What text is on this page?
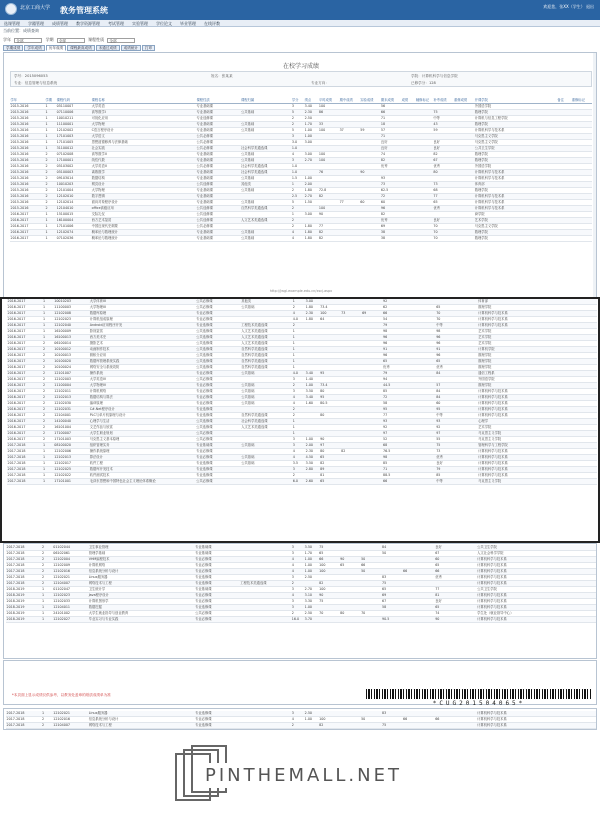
北京工商大学 教务管理系统	欢迎您，张XX（学生） 退出
选课管理 学籍管理 成绩管理 教学资源管理 考试管理 实验管理 学位论文 毕业管理 在线评教
当前位置：成绩查询
学年 全部	学期 全部	课程性质 全部
学期成绩 学年成绩 历年成绩 课程最高成绩 未通过成绩 成绩统计 打印
在校学习成绩
学号：2015096053	姓名：张某某	学院：计算机科学与信息学院
专业：信息管理与信息系统	专业方向：	已修学分：128
学年	学期	课程代码	课程名称	课程性质	课程归属	学分	绩点	平时成绩	期中成绩	实验成绩	期末成绩	成绩	辅修标记	补考成绩	重修成绩	开课学院	备注	重修标记
2015-2016	1	05110007	大学英语	专业基础课		3	3.40	100			56					外国语学院		
2015-2016	1	07110006	高等数学I	专业基础课	公共基础	5	2.30	86			66			75		数理学院		
2015-2016	1	10010211	可视化应用	专业选修课		2	2.50				71			中等		计算机与信息工程学院		
2015-2016	1	11100001	大学物理	专业基础课	公共基础	2	1.70	33			18			43		数理学院		
2015-2016	1	12102002	C语言程序设计	专业基础课	公共基础	5	1.00	100	37	59	57			59		计算机科学与技术系		
2015-2016	1	17101003	大学语文	公共必修课		3	1.00				71					马克思主义学院		
2015-2016	1	17101005	思想道德修养与法律基础	公共必修课		3.0	3.00				良好			良好		马克思主义学院		
2015-2016	1	31100012	社会实践	公共必修课	社会科学类通选课	1.0					良好			良好		公共卫生学院		
2015-2016	2	07102008	高等数学II	专业基础课	公共基础	4	3.00	100			74			82		数理学院		
2015-2016	2	17100001	线性代数	专业基础课	公共基础	3	2.70	100			82			67		数理学院		
2015-2016	2	05103002	大学英语II	公共必修课	社会科学类通选课	1.0					优秀			优秀		外国语学院		
2015-2016	2	05100003	离散数学	专业基础课	社会科学类通选课	1.0		76		90				80		计算机科学与技术系		
2015-2016	2	09103014	数据结构	专业基础课	公共基础	1.5	1.00				93					计算机科学与技术系		
2015-2016	2	10010203	网页设计	公共选修课	其他类	1	2.00				73			73		体育部		
2015-2016	2	12101004	大学物理	专业基础课	公共基础	2	1.80	72.8			62.5			68		数理学院		
2015-2016	2	12102010	数字逻辑	专业基础课		2.5	2.70	82			72			77		计算机科学与技术系		
2015-2016	2	12102014	面向对象程序设计	专业基础课	公共基础	5	1.50		77	60	60			65		计算机科学与技术系		
2015-2016	2	12104010	office高级应用	公共选修课	自然科学类通选课	2		100			96			优秀		计算机科学与技术系		
2016-2017	1	15100015	交际礼仪	公共选修课		1	3.00	90			82					商学院		
2016-2017	1	16100004	西方艺术鉴赏	公共选修课	人文艺术类通选课	2					优秀			良好		艺术学院		
2016-2017	1	17101006	中国近现代史纲要	公共必修课		2	1.80	77			69			70		马克思主义学院		
2016-2017	1	12102074	概率论与数理统计	专业基础课	公共基础	4	1.80	82			38			70		数理学院		
2016-2017	1	07102036	概率论与数理统计	专业基础课	公共基础	4	1.80	82			38			70		数理学院		
http://jwgl.example.edu.cn/xscj.aspx
2016-2017	1	10010203	大学体育III	公共必修课	其他类	1	3.00				92					体育部		
2016-2017	1	11100003	大学物理III	公共必修课	公共基础	2	1.80	73.4			62			65		数理学院		
2016-2017	1	12102008	数据库原理	专业必修课		4	2.30	100	73	69	66			70		计算机科学与技术系		
2016-2017	1	12102023	计算机组成原理	专业必修课		4.0	1.80	64			54			70		计算机科学与技术系		
2016-2017	1	12102040	Android应用程序开发	专业选修课	工程技术类通选课	2					79			中等		计算机科学与技术系		
2016-2017	1	16100009	影视鉴赏	公共选修课	人文艺术类通选课	1					98			98		艺术学院		
2016-2017	1	16100013	西方美术史	公共选修课	人文艺术类通选课	1					96			96		艺术学院		
2016-2017	2	06100014	摄影艺术	公共选修课	人文艺术类通选课	1					96			96		艺术学院		
2016-2017	2	10100012	动画制作技术	公共选修课	自然科学类通选课	1					91			91		计算机学院		
2016-2017	2	10100013	微积分应用	公共选修课	自然科学类通选课	1					96			96		数理学院		
2016-2017	2	10100020	数据库管理系统实践	公共选修课	自然科学类通选课	1					65			65		数理学院		
2016-2017	2	10100024	网络安全与系统攻防	公共选修课	自然科学类通选课	1					优秀			优秀		数理学院		
2016-2017	2	12101007	操作系统	专业必修课	公共基础	4.0	3.40	95			79			84		通信工程系		
2016-2017	2	12102003	大学英语IV	公共必修课		3	1.40				94					外国语学院		
2016-2017	2	11100004	大学物理IV	专业必修课	公共基础	2	1.00	73.4			44.5			57		数理学院		
2016-2017	2	12102011	计算机网络	专业必修课	公共基础	3	3.50	80			85			84		计算机科学与技术系		
2016-2017	2	12102013	数据结构与算法	专业必修课	公共基础	4	3.40	95			72			84		计算机科学与技术系		
2016-2017	2	12102030	编译原理	专业必修课	公共基础	4	1.60	80.5			58			60		计算机科学与技术系		
2016-2017	2	12102031	C#.Net程序设计	专业选修课		2					95			95		计算机科学与技术系		
2016-2017	2	12104001	PLC与单片机原理与设计	专业选修课	自然科学类通选课	2		80			77			中等		计算机科学与技术系		
2016-2017	2	14100040	心理学与生活	公共选修课	社会科学类通选课	1					93			93		心理学		
2016-2017	2	16101004	文艺作品与欣赏	公共选修课	人文艺术类通选课	1					92			92		艺术学院		
2016-2017	2	17100007	大学生职业规划	公共必修课		1					97			97		马克思主义学院		
2016-2017	2	17101003	马克思主义基本原理	公共必修课		3	1.00	90			52			55		马克思主义学院		
2017-2018	1	08100020	组织管理实务	专业基础课	公共基础	3	2.00	97			68			75		管理科学与工程学院		
2017-2018	1	12102006	操作系统原理	专业必修课		4	2.30	80	82		76.5			73		计算机科学与技术系		
2017-2018	1	12102013	算法设计	专业必修课	公共基础	4	4.50	65			98			优秀		计算机科学与技术系		
2017-2018	1	12102017	软件工程	专业选修课	公共基础	3.5	3.50	82			85			良好		计算机科学与技术系		
2017-2018	1	12102025	数据库开发技术	专业选修课		3	2.80	89			71			79		计算机科学与技术系		
2017-2018	1	12102022	软件测试技术	专业选修课		2		81			88.5			85		计算机科学与技术系		
2017-2018	1	17101001	毛泽东思想和中国特色社会主义理论体系概论	公共必修课		6.0	2.60	65			66			中等		马克思主义学院		
2017-2018	2	01102044	卫生事业管理	专业基础课		3	3.50	75			84			良好		公共卫生学院		
2017-2018	2	06102061	管理学基础	专业基础课		3	1.70	65			50			67		人文社会科学学院		
2017-2018	2	12102004	VHM编程技术	专业必修课		4	1.00	66	90	50				60		计算机科学与技术系		
2017-2018	2	12102009	计算机网络	专业必修课		4	1.00	100	65	66				65		计算机科学与技术系		
2017-2018	2	12102016	信息系统分析与设计	专业必修课		4	1.00	100		50		66		66		计算机科学与技术系		
2017-2018	2	12102021	Linux服务器	专业选修课		3	2.50				83			优秀		计算机科学与技术系		
2017-2018	2	12104007	网络技术与工程	专业选修课	工程技术类通选课	2		82			75					计算机科学与技术系		
2018-2019	1	01102047	卫生统计学	专业基础课		3	2.70	100			65			77		公共卫生学院		
2018-2019	1	12102023	Java程序设计	专业必修课		4	3.10	90			69			81		计算机科学与技术系		
2018-2019	1	12102033	计算机图形学	专业必修课		3	3.30	75			67			良好		计算机科学与技术系		
2018-2019	1	12104011	数据挖掘	专业选修课		3	1.00				58			65		计算机科学与技术系		
2018-2019	1	24101002	大学生就业指导与创业教育	公共必修课		2	2.50	70	80	70				74		学生处（就业指导中心）		
2018-2019	1	12102027	毕业实习与专业实践	专业必修课		16.0	3.70				90.5			90		计算机科学与技术系		
*本页面上显示成绩仅供参考，以教务处盖章的纸质成绩单为准
*CUG201504065*
2017-2018	1	12102021	Linux服务器	专业选修课		3	2.50				83					计算机科学与技术系		
2017-2018	2	12102016	信息系统分析与设计	专业必修课		4	1.00	100		50		66		66		计算机科学与技术系		
2017-2018	2	12104007	网络技术与工程	专业选修课		2		82			75					计算机科学与技术系		
PINTHEMALL.NET
